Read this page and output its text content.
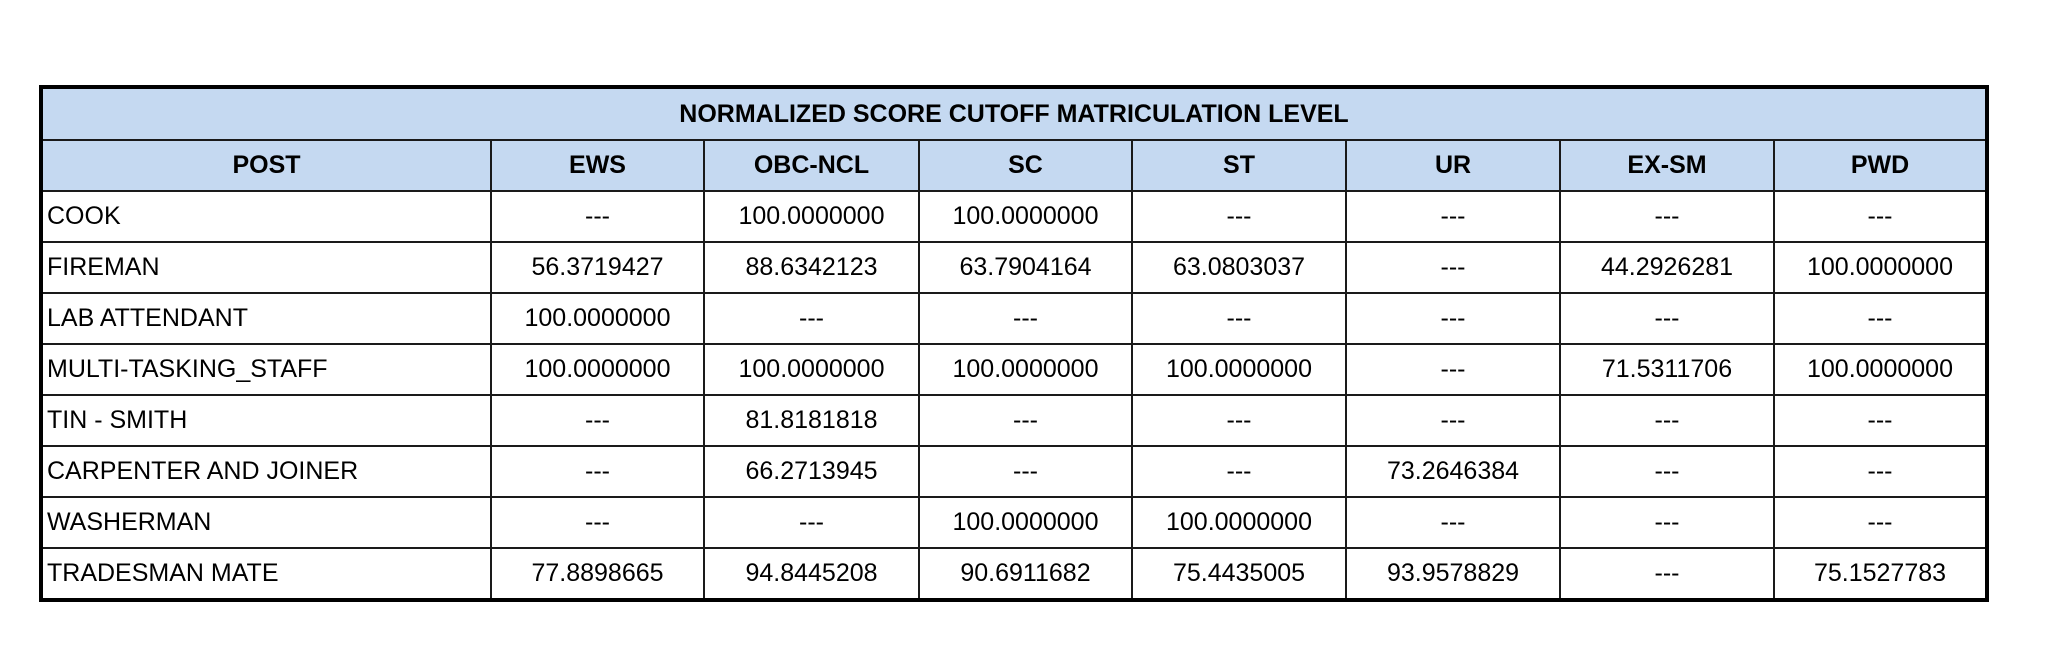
NORMALIZED SCORE CUTOFF MATRICULATION LEVEL							
POST	EWS	OBC-NCL	SC	ST	UR	EX-SM	PWD
COOK	---	100.0000000	100.0000000	---	---	---	---
FIREMAN	56.3719427	88.6342123	63.7904164	63.0803037	---	44.2926281	100.0000000
LAB ATTENDANT	100.0000000	---	---	---	---	---	---
MULTI-TASKING_STAFF	100.0000000	100.0000000	100.0000000	100.0000000	---	71.5311706	100.0000000
TIN - SMITH	---	81.8181818	---	---	---	---	---
CARPENTER AND JOINER	---	66.2713945	---	---	73.2646384	---	---
WASHERMAN	---	---	100.0000000	100.0000000	---	---	---
TRADESMAN MATE	77.8898665	94.8445208	90.6911682	75.4435005	93.9578829	---	75.1527783
